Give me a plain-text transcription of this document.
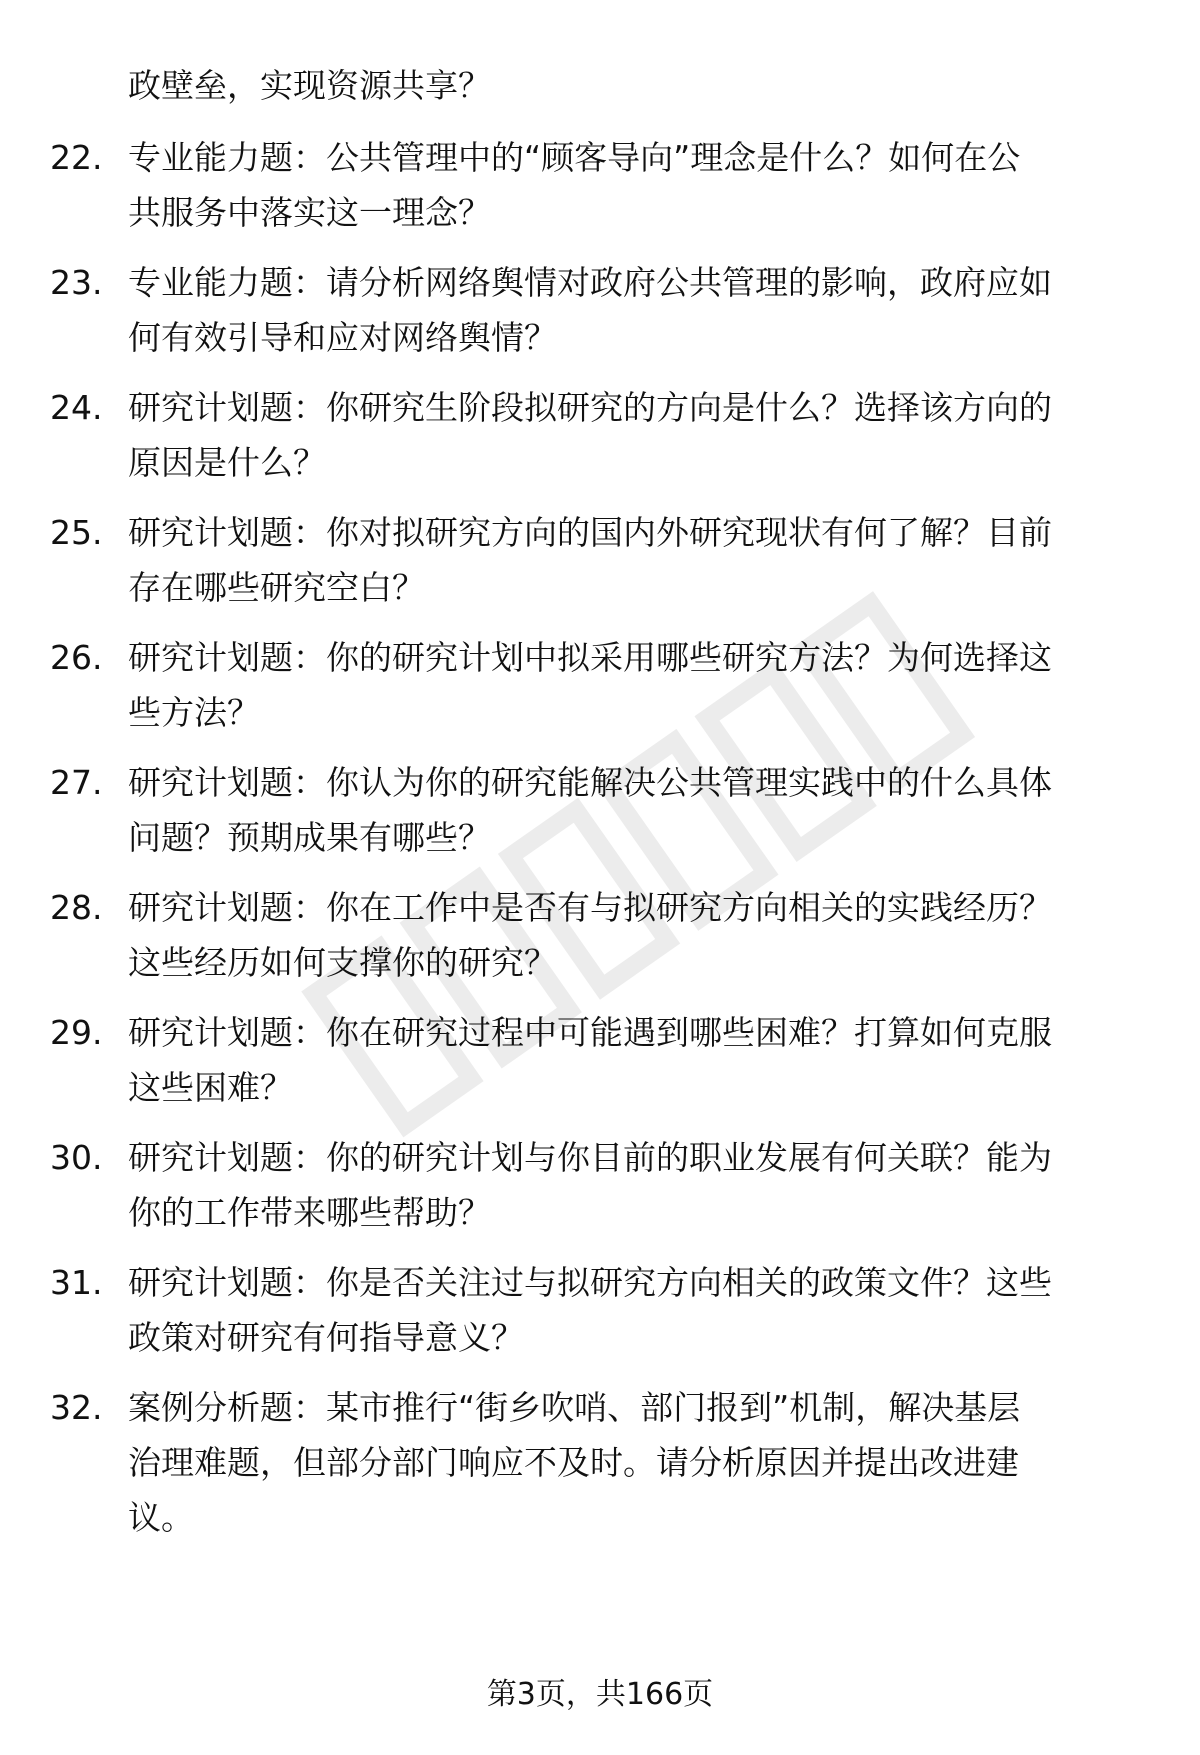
政壁垒，实现资源共享？
22. 专业能力题：公共管理中的“顾客导向”理念是什么？如何在公
共服务中落实这一理念？
23. 专业能力题：请分析网络舆情对政府公共管理的影响，政府应如
何有效引导和应对网络舆情？
24. 研究计划题：你研究生阶段拟研究的方向是什么？选择该方向的
原因是什么？
25. 研究计划题：你对拟研究方向的国内外研究现状有何了解？目前
存在哪些研究空白？
26. 研究计划题：你的研究计划中拟采用哪些研究方法？为何选择这
些方法？
27. 研究计划题：你认为你的研究能解决公共管理实践中的什么具体
问题？预期成果有哪些？
28. 研究计划题：你在工作中是否有与拟研究方向相关的实践经历？
这些经历如何支撑你的研究？
29. 研究计划题：你在研究过程中可能遇到哪些困难？打算如何克服
这些困难？
30. 研究计划题：你的研究计划与你目前的职业发展有何关联？能为
你的工作带来哪些帮助？
31. 研究计划题：你是否关注过与拟研究方向相关的政策文件？这些
政策对研究有何指导意义？
32. 案例分析题：某市推行“街乡吹哨、部门报到”机制，解决基层
治理难题，但部分部门响应不及时。请分析原因并提出改进建
议。
第3页，共166页
